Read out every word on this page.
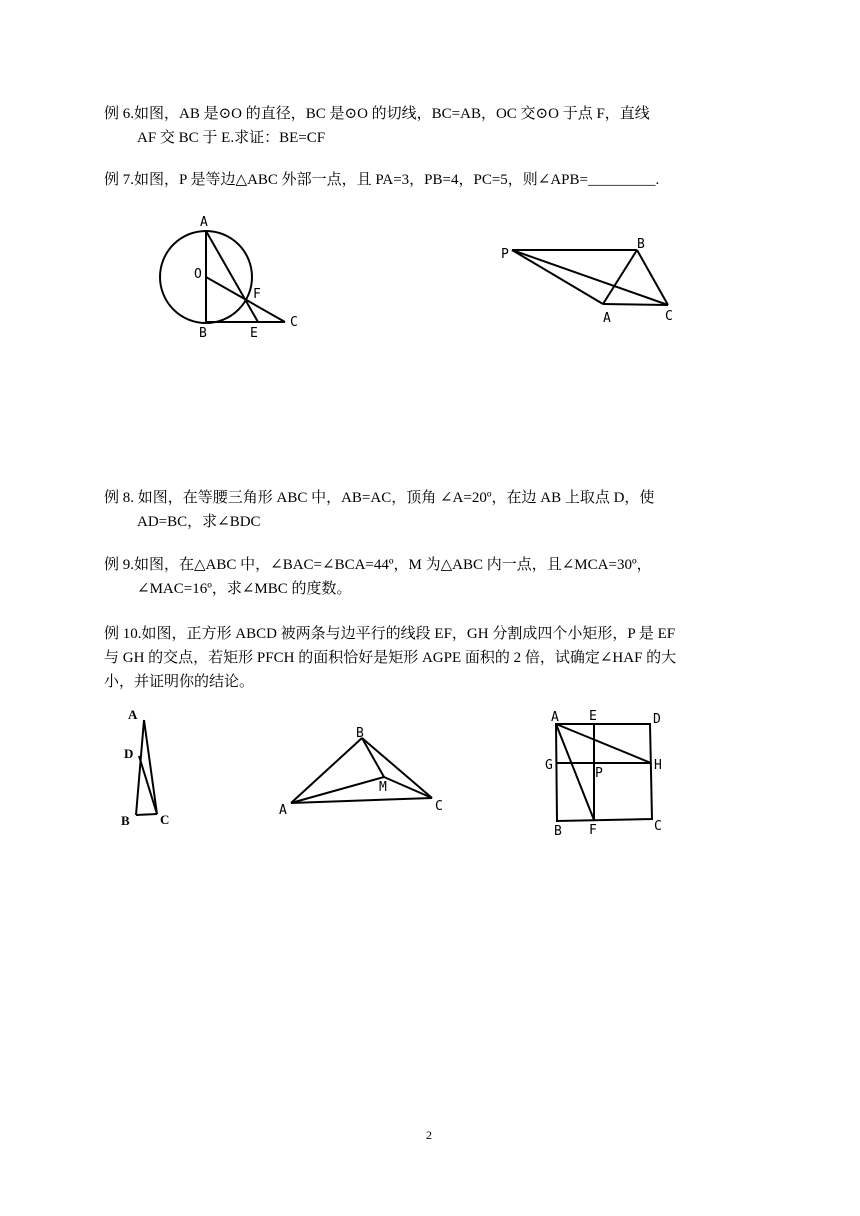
例 6.如图，AB 是⊙O 的直径，BC 是⊙O 的切线，BC=AB，OC 交⊙O 于点 F，直线
AF 交 BC 于 E.求证：BE=CF
例 7.如图，P 是等边△ABC 外部一点，且 PA=3，PB=4，PC=5，则∠APB=_________.
A
O
F
B	E
C
P
B
A	C
例 8. 如图，在等腰三角形 ABC 中，AB=AC，顶角 ∠A=20º，在边 AB 上取点 D，使
AD=BC，求∠BDC
例 9.如图，在△ABC 中，∠BAC=∠BCA=44º，M 为△ABC 内一点，且∠MCA=30º，
∠MAC=16º，求∠MBC 的度数。
例 10.如图，正方形 ABCD 被两条与边平行的线段 EF，GH 分割成四个小矩形，P 是 EF
与 GH 的交点，若矩形 PFCH 的面积恰好是矩形 AGPE 面积的 2 倍，试确定∠HAF 的大
小，并证明你的结论。
A
D
B C
B
M
A	C
A E	D
G
P
H
B F	C
2
